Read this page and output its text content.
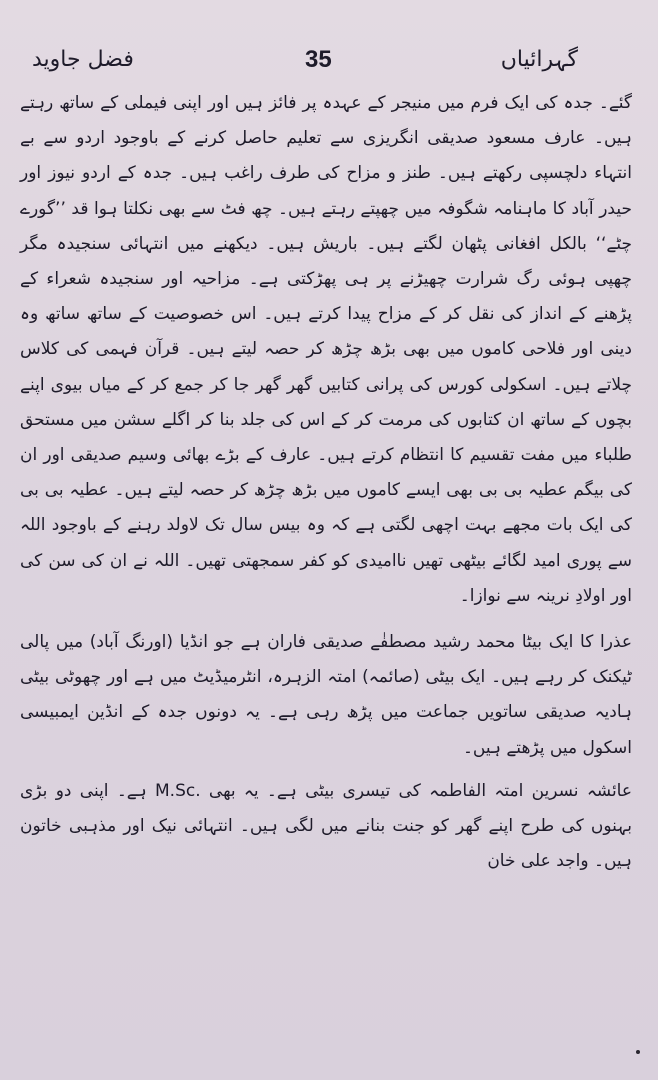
فضل جاوید	35	گہرائیاں

گئے۔ جدہ کی ایک فرم میں منیجر کے عہدہ پر فائز ہیں اور اپنی فیملی کے ساتھ رہتے ہیں۔ عارف مسعود صدیقی انگریزی سے تعلیم حاصل کرنے کے باوجود اردو سے بے انتہاء دلچسپی رکھتے ہیں۔ طنز و مزاح کی طرف راغب ہیں۔ جدہ کے اردو نیوز اور حیدر آباد کا ماہنامہ شگوفہ میں چھپتے رہتے ہیں۔ چھ فٹ سے بھی نکلتا ہوا قد ’’گورے چٹے‘‘ بالکل افغانی پٹھان لگتے ہیں۔ باریش ہیں۔ دیکھنے میں انتہائی سنجیدہ مگر چھپی ہوئی رگ شرارت چھیڑنے پر ہی پھڑکتی ہے۔ مزاحیہ اور سنجیدہ شعراء کے پڑھنے کے انداز کی نقل کر کے مزاح پیدا کرتے ہیں۔ اس خصوصیت کے ساتھ ساتھ وہ دینی اور فلاحی کاموں میں بھی بڑھ چڑھ کر حصہ لیتے ہیں۔ قرآن فہمی کی کلاس چلاتے ہیں۔ اسکولی کورس کی پرانی کتابیں گھر گھر جا کر جمع کر کے میاں بیوی اپنے بچوں کے ساتھ ان کتابوں کی مرمت کر کے اس کی جلد بنا کر اگلے سشن میں مستحق طلباء میں مفت تقسیم کا انتظام کرتے ہیں۔ عارف کے بڑے بھائی وسیم صدیقی اور ان کی بیگم عطیہ بی بی بھی ایسے کاموں میں بڑھ چڑھ کر حصہ لیتے ہیں۔ عطیہ بی بی کی ایک بات مجھے بہت اچھی لگتی ہے کہ وہ بیس سال تک لاولد رہنے کے باوجود اللہ سے پوری امید لگائے بیٹھی تھیں ناامیدی کو کفر سمجھتی تھیں۔ اللہ نے ان کی سن کی اور اولادِ نرینہ سے نوازا۔

عذرا کا ایک بیٹا محمد رشید مصطفٰے صدیقی فاران ہے جو انڈیا (اورنگ آباد) میں پالی ٹیکنک کر رہے ہیں۔ ایک بیٹی (صائمہ) امتہ الزہرہ، انٹرمیڈیٹ میں ہے اور چھوٹی بیٹی ہادیہ صدیقی ساتویں جماعت میں پڑھ رہی ہے۔ یہ دونوں جدہ کے انڈین ایمبیسی اسکول میں پڑھتے ہیں۔

عائشہ نسرین امتہ الفاطمہ کی تیسری بیٹی ہے۔ یہ بھی .M.Sc ہے۔ اپنی دو بڑی بہنوں کی طرح اپنے گھر کو جنت بنانے میں لگی ہیں۔ انتہائی نیک اور مذہبی خاتون ہیں۔ واجد علی خان
